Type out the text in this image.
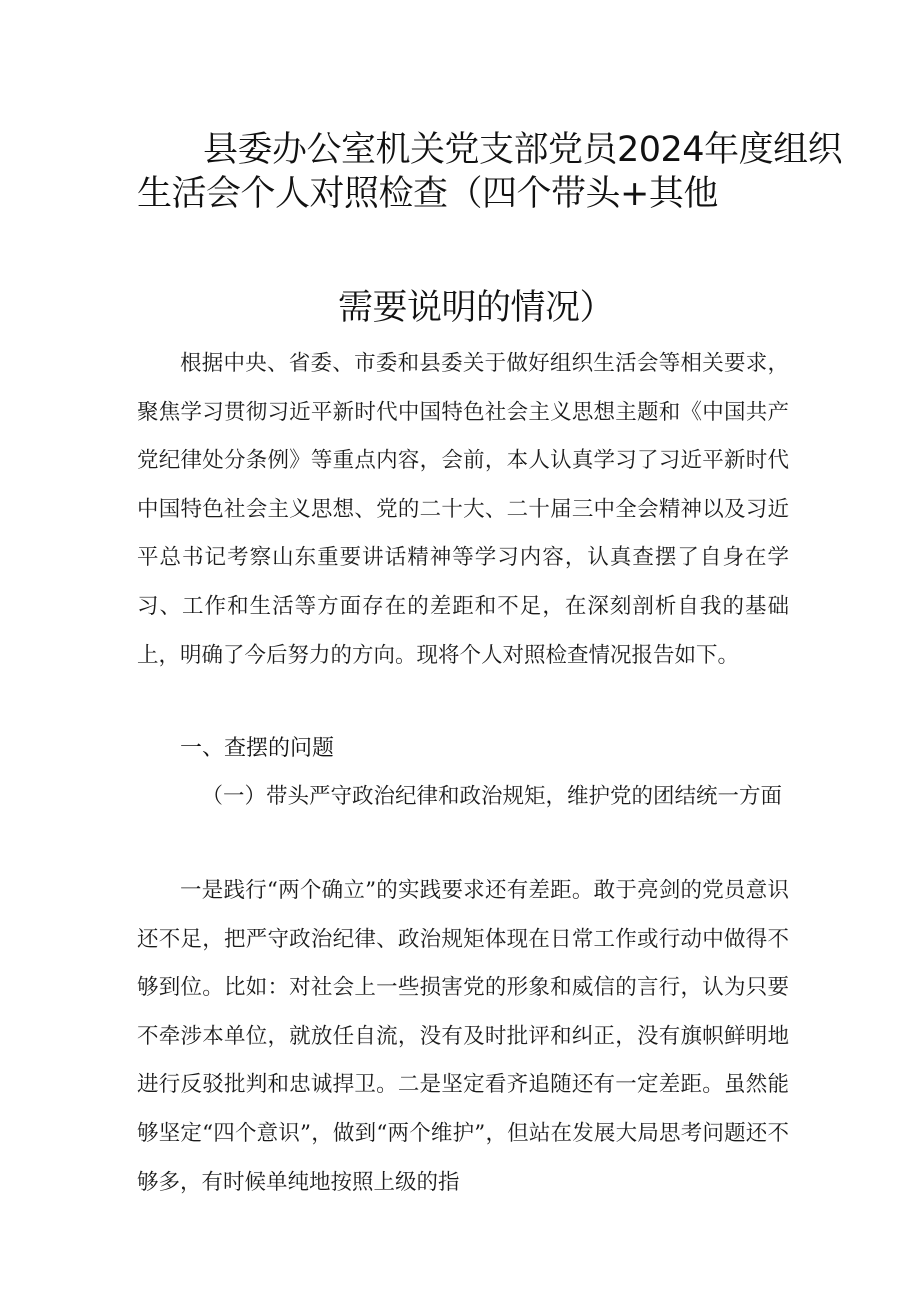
县委办公室机关党支部党员2024年度组织
生活会个人对照检查（四个带头+其他
需要说明的情况）

根据中央、省委、市委和县委关于做好组织生活会等相关要求，聚焦学习贯彻习近平新时代中国特色社会主义思想主题和《中国共产党纪律处分条例》等重点内容，会前，本人认真学习了习近平新时代中国特色社会主义思想、党的二十大、二十届三中全会精神以及习近平总书记考察山东重要讲话精神等学习内容，认真查摆了自身在学习、工作和生活等方面存在的差距和不足，在深刻剖析自我的基础上，明确了今后努力的方向。现将个人对照检查情况报告如下。

一、查摆的问题

（一）带头严守政治纪律和政治规矩，维护党的团结统一方面

一是践行“两个确立”的实践要求还有差距。敢于亮剑的党员意识还不足，把严守政治纪律、政治规矩体现在日常工作或行动中做得不够到位。比如：对社会上一些损害党的形象和威信的言行，认为只要不牵涉本单位，就放任自流，没有及时批评和纠正，没有旗帜鲜明地进行反驳批判和忠诚捍卫。二是坚定看齐追随还有一定差距。虽然能够坚定“四个意识”，做到“两个维护”，但站在发展大局思考问题还不够多，有时候单纯地按照上级的指
